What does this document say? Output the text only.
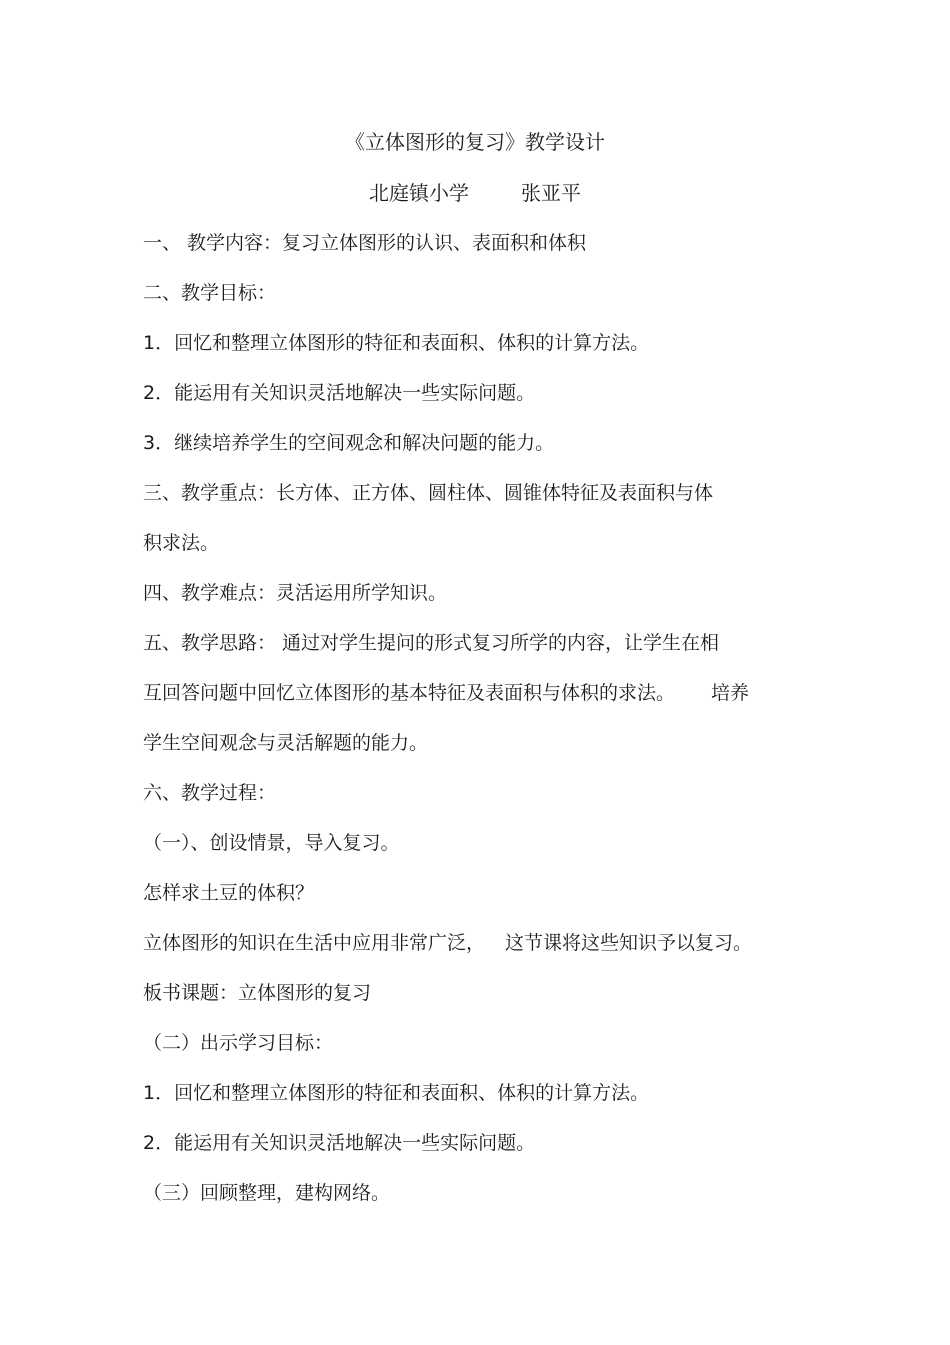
《立体图形的复习》教学设计
北庭镇小学	张亚平
一、 教学内容：复习立体图形的认识、表面积和体积
二、教学目标：
1．回忆和整理立体图形的特征和表面积、体积的计算方法。
2．能运用有关知识灵活地解决一些实际问题。
3．继续培养学生的空间观念和解决问题的能力。
三、教学重点：长方体、正方体、圆柱体、圆锥体特征及表面积与体
积求法。
四、教学难点：灵活运用所学知识。
五、教学思路： 通过对学生提问的形式复习所学的内容，让学生在相
互回答问题中回忆立体图形的基本特征及表面积与体积的求法。 培养
学生空间观念与灵活解题的能力。
六、教学过程：
（一）、创设情景，导入复习。
怎样求土豆的体积？
立体图形的知识在生活中应用非常广泛， 这节课将这些知识予以复习。
板书课题：立体图形的复习
（二）出示学习目标：
1．回忆和整理立体图形的特征和表面积、体积的计算方法。
2．能运用有关知识灵活地解决一些实际问题。
（三）回顾整理，建构网络。
